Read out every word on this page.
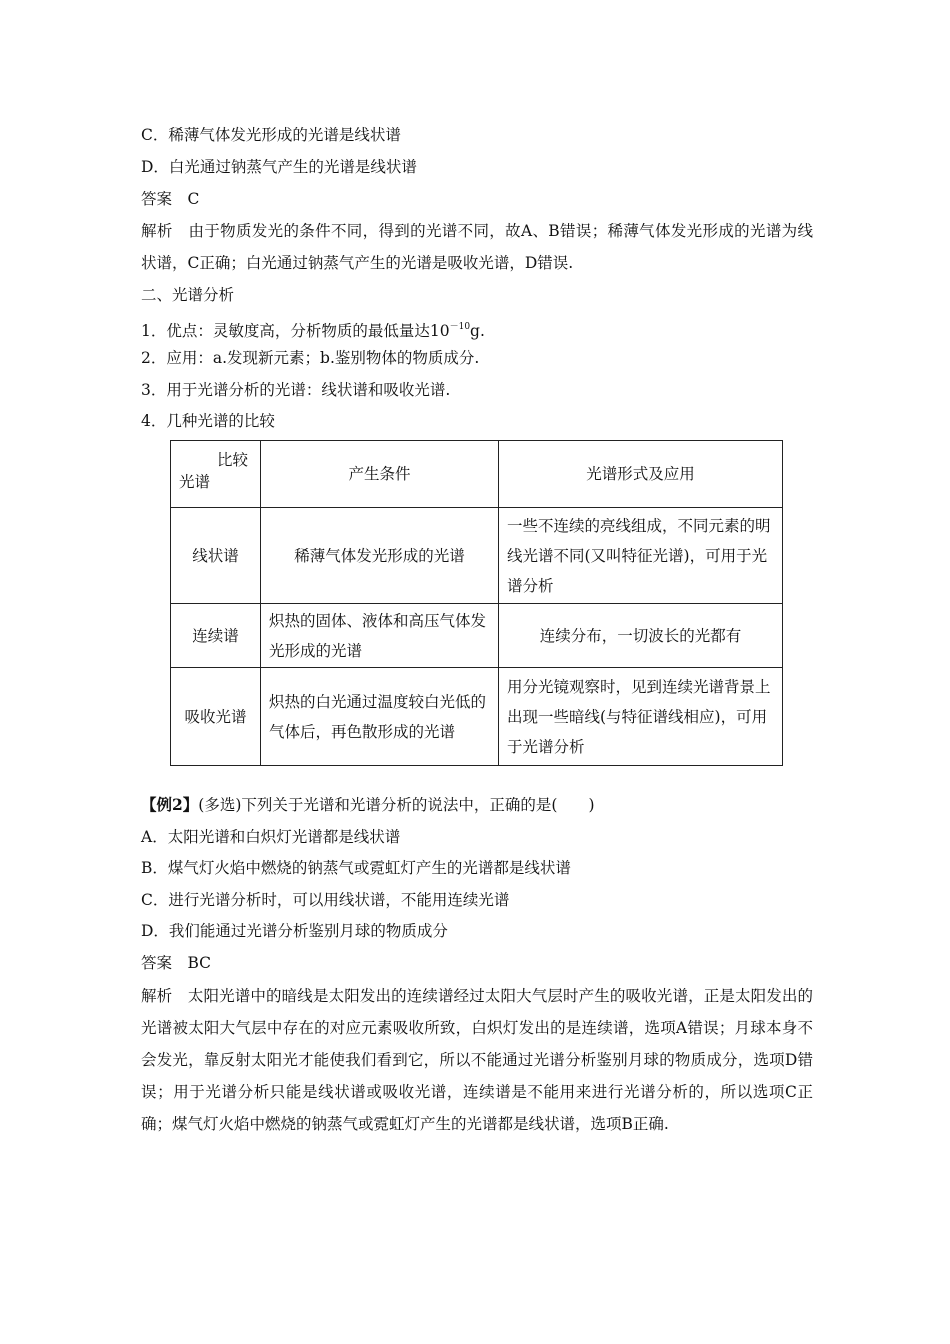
C．稀薄气体发光形成的光谱是线状谱
D．白光通过钠蒸气产生的光谱是线状谱
答案　C
解析　由于物质发光的条件不同，得到的光谱不同，故A、B错误；稀薄气体发光形成的光谱为线状谱，C正确；白光通过钠蒸气产生的光谱是吸收光谱，D错误.
二、光谱分析
1．优点：灵敏度高，分析物质的最低量达$10^{-10}g$.
2．应用：a.发现新元素；b.鉴别物体的物质成分.
3．用于光谱分析的光谱：线状谱和吸收光谱.
4．几种光谱的比较
比较
光谱	产生条件	光谱形式及应用
线状谱	稀薄气体发光形成的光谱	一些不连续的亮线组成，不同元素的明线光谱不同(又叫特征光谱)，可用于光谱分析
连续谱	炽热的固体、液体和高压气体发光形成的光谱	连续分布，一切波长的光都有
吸收光谱	炽热的白光通过温度较白光低的气体后，再色散形成的光谱	用分光镜观察时，见到连续光谱背景上出现一些暗线(与特征谱线相应)，可用于光谱分析
【例2】(多选)下列关于光谱和光谱分析的说法中，正确的是(　　)
A．太阳光谱和白炽灯光谱都是线状谱
B．煤气灯火焰中燃烧的钠蒸气或霓虹灯产生的光谱都是线状谱
C．进行光谱分析时，可以用线状谱，不能用连续光谱
D．我们能通过光谱分析鉴别月球的物质成分
答案　BC
解析　太阳光谱中的暗线是太阳发出的连续谱经过太阳大气层时产生的吸收光谱，正是太阳发出的光谱被太阳大气层中存在的对应元素吸收所致，白炽灯发出的是连续谱，选项A错误；月球本身不会发光，靠反射太阳光才能使我们看到它，所以不能通过光谱分析鉴别月球的物质成分，选项D错误；用于光谱分析只能是线状谱或吸收光谱，连续谱是不能用来进行光谱分析的，所以选项C正确；煤气灯火焰中燃烧的钠蒸气或霓虹灯产生的光谱都是线状谱，选项B正确.
